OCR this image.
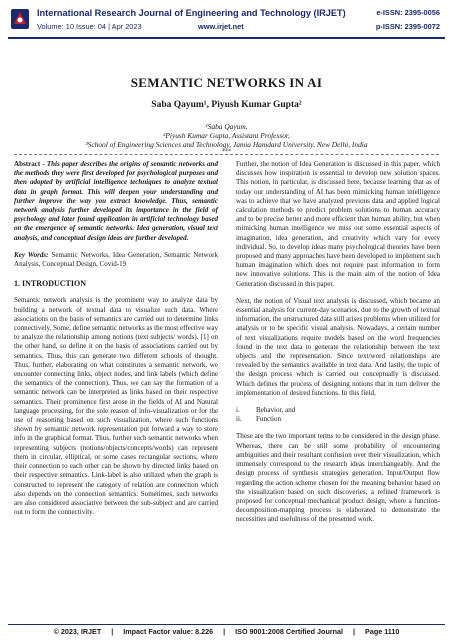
International Research Journal of Engineering and Technology (IRJET)
Volume: 10 Issue: 04 | Apr 2023	www.irjet.net
e-ISSN: 2395-0056
p-ISSN: 2395-0072
SEMANTIC NETWORKS IN AI
Saba Qayum¹, Piyush Kumar Gupta²
¹Saba Qayum,
²Piyush Kumar Gupta, Assistant Professor,
³School of Engineering Sciences and Technology, Jamia Hamdard University, New Delhi, India
***

Abstract - This paper describes the origins of semantic networks and the methods they were first developed for psychological purposes and then adopted by artificial intelligence techniques to analyze textual data in graph format. This will deepen your understanding and further improve the way you extract knowledge. Thus, semantic network analysis further developed its importance in the field of psychology and later found application in artificial technology based on the emergence of semantic networks. Idea generation, visual text analysis, and conceptual design ideas are further developed.

Key Words: Semantic Networks, Idea Generation, Semantic Network Analysis, Conceptual Design, Covid-19

1. INTRODUCTION

Semantic network analysis is the prominent way to analyze data by building a network of textual data to visualize such data. Where associations on the basis of semantics are carried out to determine links connectively. Some, define semantic networks as the most effective way to analyze the relationship among notions (text subjects/ words). [1] on the other hand, so define it on the basis of associations carried out by semantics. Thus, this can generate two different schools of thought. Thus, further, elaborating on what constitutes a semantic network, we encounter connecting links, object nodes, and link labels (which define the semantics of the connection). Thus, we can say the formation of a semantic network can be interpreted as links based on their respective semantics. Their prominence first arose in the fields of AI and Natural language processing, for the sole reason of info-visualization or for the use of reasoning based on such visualization, where such functions shown by semantic network representation put forward a way to store info in the graphical format. Thus, further such semantic networks when representing subjects (notions/objects/concepts/words) can represent them in circular, elliptical, or some cases rectangular sections, where their connection to each other can be shown by directed links based on their respective semantics. Link-label is also utilized when the graph is constructed to represent the category of relation are connection which also depends on the connection semantics. Sometimes, such networks are also considered associative between the sub-subject and are carried out to form the connectivity.

Further, the notion of Idea Generation is discussed in this paper, which discusses how inspiration is essential to develop new solution spaces. This notion, in particular, is discussed here, because learning that as of today our understanding of AI has been mimicking human intelligence was to achieve that we have analyzed previous data and applied logical calculation methods to predict problem solutions to human accuracy and to be precise better and more efficient than human ability, but when mimicking human intelligence we miss out some essential aspects of imagination, idea generation, and creativity which vary for every individual. So, to develop ideas many psychological theories have been proposed and many approaches have been developed to implement such human imagination which does not require past information to form new innovative solutions. This is the main aim of the notion of Idea Generation discussed in this paper.

Next, the notion of Visual text analysis is discussed, which became an essential analysis for current-day scenarios, due to the growth of textual information, the unstructured data still arises problems when utilized for analysis or to be specific visual analysis. Nowadays, a certain number of text visualizations require models based on the word frequencies found in the text data to generate the relationship between the text objects and the representation. Since text/word relationships are revealed by the semantics available in text data. And lastly, the topic of the design process which is carried out conceptually is discussed. Which defines the process of designing notions that in turn deliver the implementation of desired functions. In this field,

i.	Behavior, and
ii.	Function

These are the two important terms to be considered in the design phase. Whereas, there can be still some probability of encountering ambiguities and their resultant confusion over their visualization, which immensely correspond to the research ideas interchangeably. And the design process of synthesis strategies generation. Input/Output flow regarding the action scheme chosen for the meaning behavior based on the visualization based on such discoveries, a refined framework is proposed for conceptual mechanical product design, where a function-decomposition-mapping process is elaborated to demonstrate the necessities and usefulness of the presented work.

© 2023, IRJET | Impact Factor value: 8.226 | ISO 9001:2008 Certified Journal | Page 1110
